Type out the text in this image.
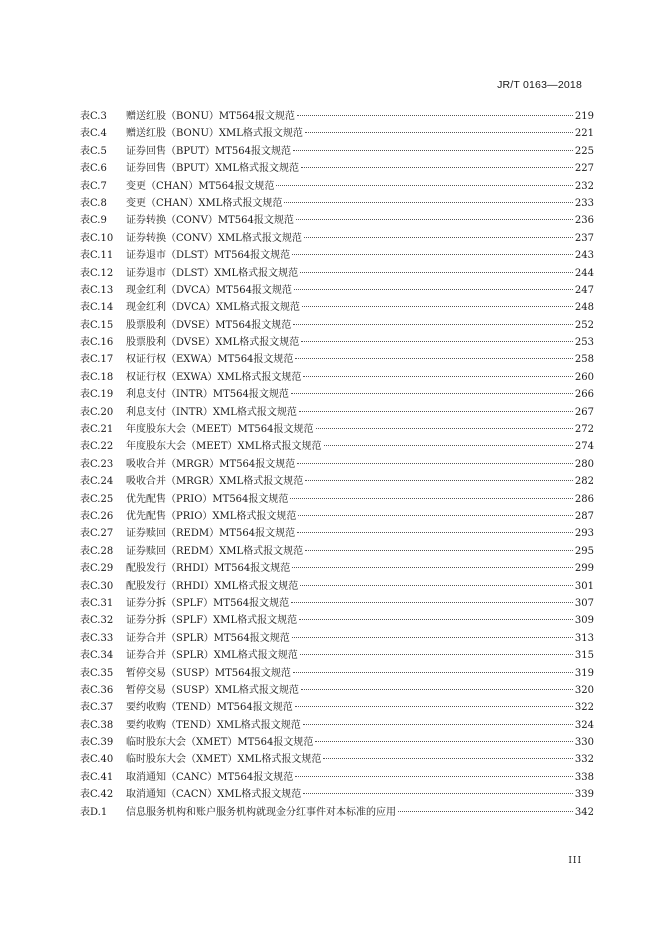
JR/T 0163—2018
表C.3	赠送红股（BONU）MT564报文规范	219
表C.4	赠送红股（BONU）XML格式报文规范	221
表C.5	证券回售（BPUT）MT564报文规范	225
表C.6	证券回售（BPUT）XML格式报文规范	227
表C.7	变更（CHAN）MT564报文规范	232
表C.8	变更（CHAN）XML格式报文规范	233
表C.9	证券转换（CONV）MT564报文规范	236
表C.10	证券转换（CONV）XML格式报文规范	237
表C.11	证券退市（DLST）MT564报文规范	243
表C.12	证券退市（DLST）XML格式报文规范	244
表C.13	现金红利（DVCA）MT564报文规范	247
表C.14	现金红利（DVCA）XML格式报文规范	248
表C.15	股票股利（DVSE）MT564报文规范	252
表C.16	股票股利（DVSE）XML格式报文规范	253
表C.17	权证行权（EXWA）MT564报文规范	258
表C.18	权证行权（EXWA）XML格式报文规范	260
表C.19	利息支付（INTR）MT564报文规范	266
表C.20	利息支付（INTR）XML格式报文规范	267
表C.21	年度股东大会（MEET）MT564报文规范	272
表C.22	年度股东大会（MEET）XML格式报文规范	274
表C.23	吸收合并（MRGR）MT564报文规范	280
表C.24	吸收合并（MRGR）XML格式报文规范	282
表C.25	优先配售（PRIO）MT564报文规范	286
表C.26	优先配售（PRIO）XML格式报文规范	287
表C.27	证券赎回（REDM）MT564报文规范	293
表C.28	证券赎回（REDM）XML格式报文规范	295
表C.29	配股发行（RHDI）MT564报文规范	299
表C.30	配股发行（RHDI）XML格式报文规范	301
表C.31	证券分拆（SPLF）MT564报文规范	307
表C.32	证券分拆（SPLF）XML格式报文规范	309
表C.33	证券合并（SPLR）MT564报文规范	313
表C.34	证券合并（SPLR）XML格式报文规范	315
表C.35	暂停交易（SUSP）MT564报文规范	319
表C.36	暂停交易（SUSP）XML格式报文规范	320
表C.37	要约收购（TEND）MT564报文规范	322
表C.38	要约收购（TEND）XML格式报文规范	324
表C.39	临时股东大会（XMET）MT564报文规范	330
表C.40	临时股东大会（XMET）XML格式报文规范	332
表C.41	取消通知（CANC）MT564报文规范	338
表C.42	取消通知（CACN）XML格式报文规范	339
表D.1	信息服务机构和账户服务机构就现金分红事件对本标准的应用	342
III
